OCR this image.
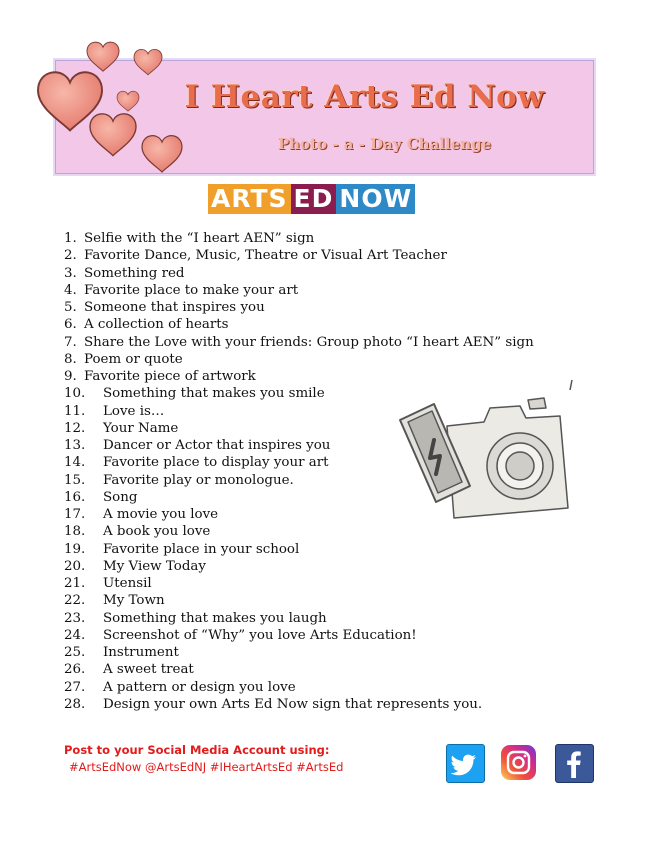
I Heart Arts Ed Now
Photo - a - Day Challenge
ARTS ED NOW
1. Selfie with the “I heart AEN” sign
2. Favorite Dance, Music, Theatre or Visual Art Teacher
3. Something red
4. Favorite place to make your art
5. Someone that inspires you
6. A collection of hearts
7. Share the Love with your friends: Group photo “I heart AEN” sign
8. Poem or quote
9. Favorite piece of artwork
10.	Something that makes you smile
11.	Love is…
12.	Your Name
13.	Dancer or Actor that inspires you
14.	Favorite place to display your art
15.	Favorite play or monologue.
16.	Song
17.	A movie you love
18.	A book you love
19.	Favorite place in your school
20.	My View Today
21.	Utensil
22.	My Town
23.	Something that makes you laugh
24.	Screenshot of “Why” you love Arts Education!
25.	Instrument
26.	A sweet treat
27.	A pattern or design you love
28.	Design your own Arts Ed Now sign that represents you.
Post to your Social Media Account using:
#ArtsEdNow @ArtsEdNJ #IHeartArtsEd #ArtsEd
